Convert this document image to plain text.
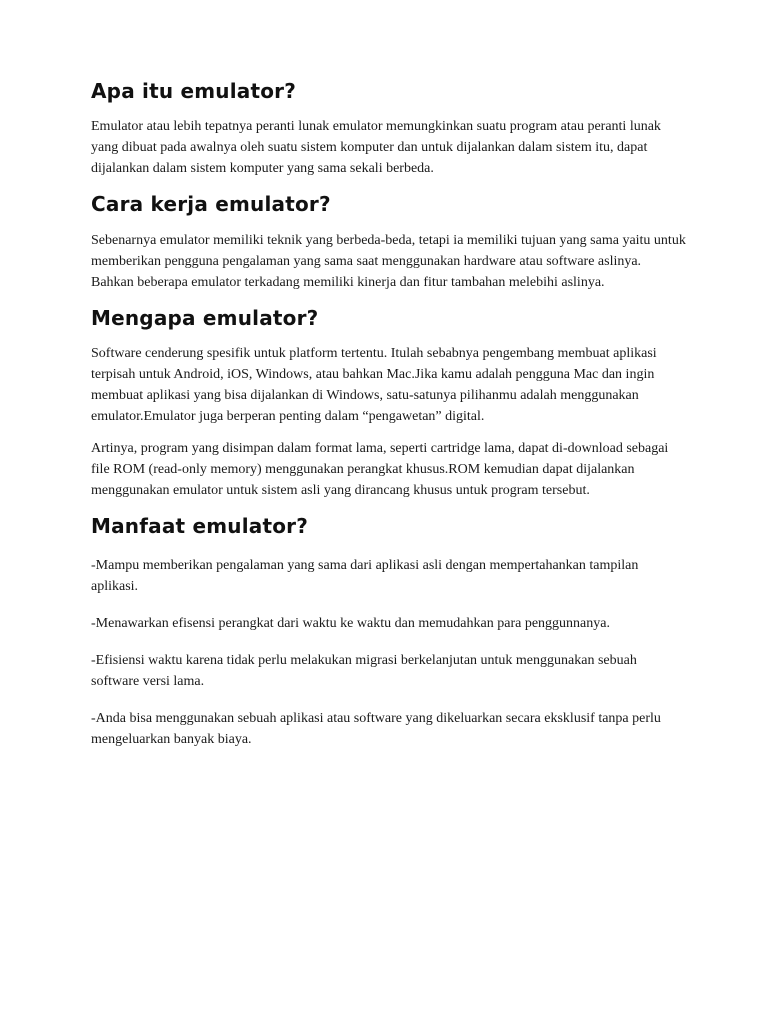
Apa itu emulator?

Emulator atau lebih tepatnya peranti lunak emulator memungkinkan suatu program atau peranti lunak yang dibuat pada awalnya oleh suatu sistem komputer dan untuk dijalankan dalam sistem itu, dapat dijalankan dalam sistem komputer yang sama sekali berbeda.

Cara kerja emulator?

Sebenarnya emulator memiliki teknik yang berbeda-beda, tetapi ia memiliki tujuan yang sama yaitu untuk memberikan pengguna pengalaman yang sama saat menggunakan hardware atau software aslinya. Bahkan beberapa emulator terkadang memiliki kinerja dan fitur tambahan melebihi aslinya.

Mengapa emulator?

Software cenderung spesifik untuk platform tertentu. Itulah sebabnya pengembang membuat aplikasi terpisah untuk Android, iOS, Windows, atau bahkan Mac.Jika kamu adalah pengguna Mac dan ingin membuat aplikasi yang bisa dijalankan di Windows, satu-satunya pilihanmu adalah menggunakan emulator.Emulator juga berperan penting dalam “pengawetan” digital.

Artinya, program yang disimpan dalam format lama, seperti cartridge lama, dapat di-download sebagai file ROM (read-only memory) menggunakan perangkat khusus.ROM kemudian dapat dijalankan menggunakan emulator untuk sistem asli yang dirancang khusus untuk program tersebut.

Manfaat emulator?

-Mampu memberikan pengalaman yang sama dari aplikasi asli dengan mempertahankan tampilan aplikasi.

-Menawarkan efisensi perangkat dari waktu ke waktu dan memudahkan para penggunnanya.

-Efisiensi waktu karena tidak perlu melakukan migrasi berkelanjutan untuk menggunakan sebuah software versi lama.

-Anda bisa menggunakan sebuah aplikasi atau software yang dikeluarkan secara eksklusif tanpa perlu mengeluarkan banyak biaya.
